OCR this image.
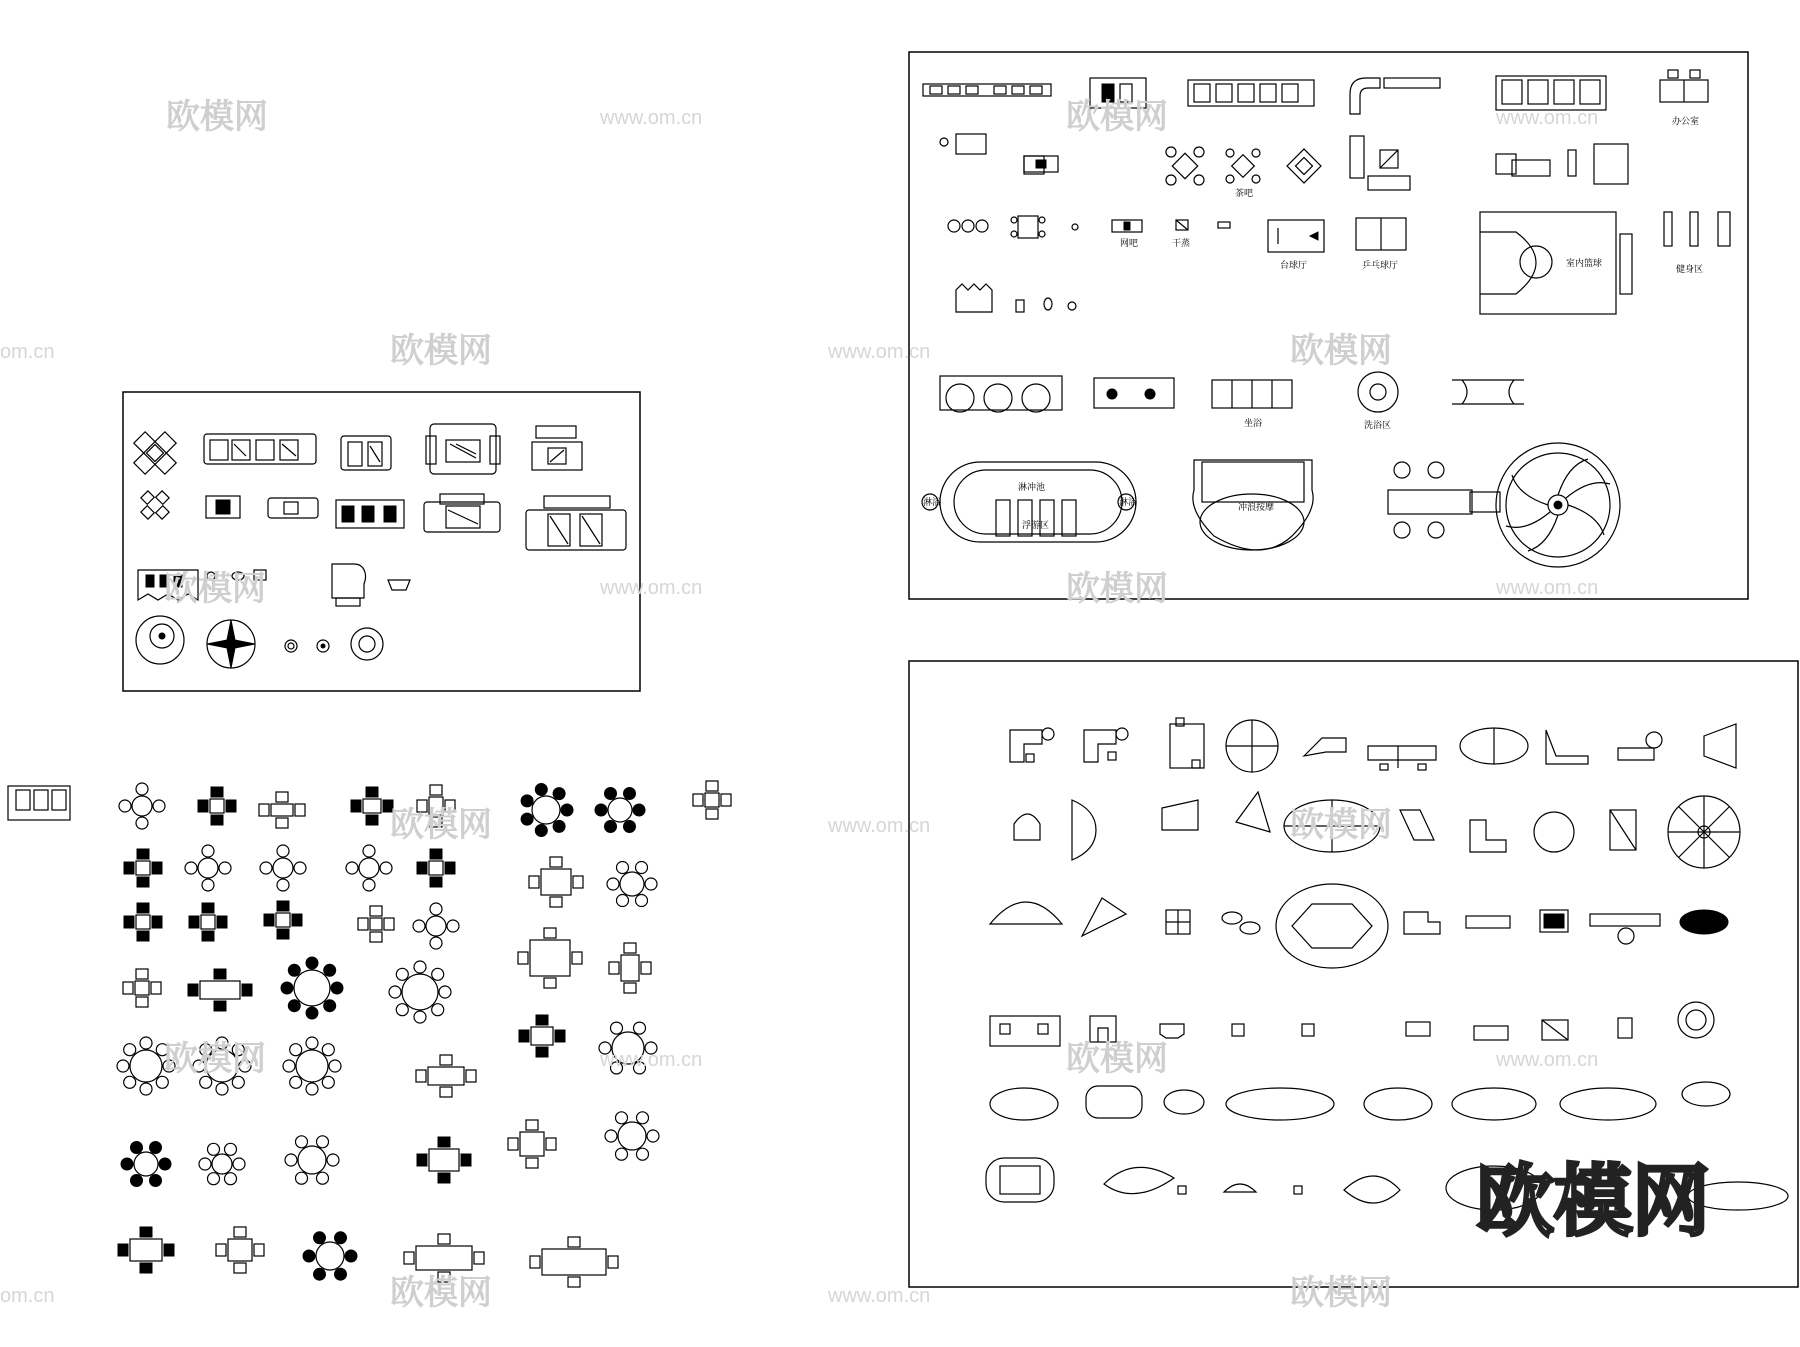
办公室
茶吧
网吧	干蒸
台球厅	乒乓球厅	室内篮球
健身区
坐浴	洗浴区
淋冲池
浮游区
淋浴	淋浴	冲浪按摩
欧模网	www.om.cn	欧模网	www.om.cn
om.cn	欧模网	www.om.cn	欧模网
欧模网	www.om.cn	欧模网	www.om.cn
欧模网	www.om.cn	欧模网
欧模网	www.om.cn	欧模网	www.om.cn
om.cn	欧模网	www.om.cn	欧模网
欧模网
